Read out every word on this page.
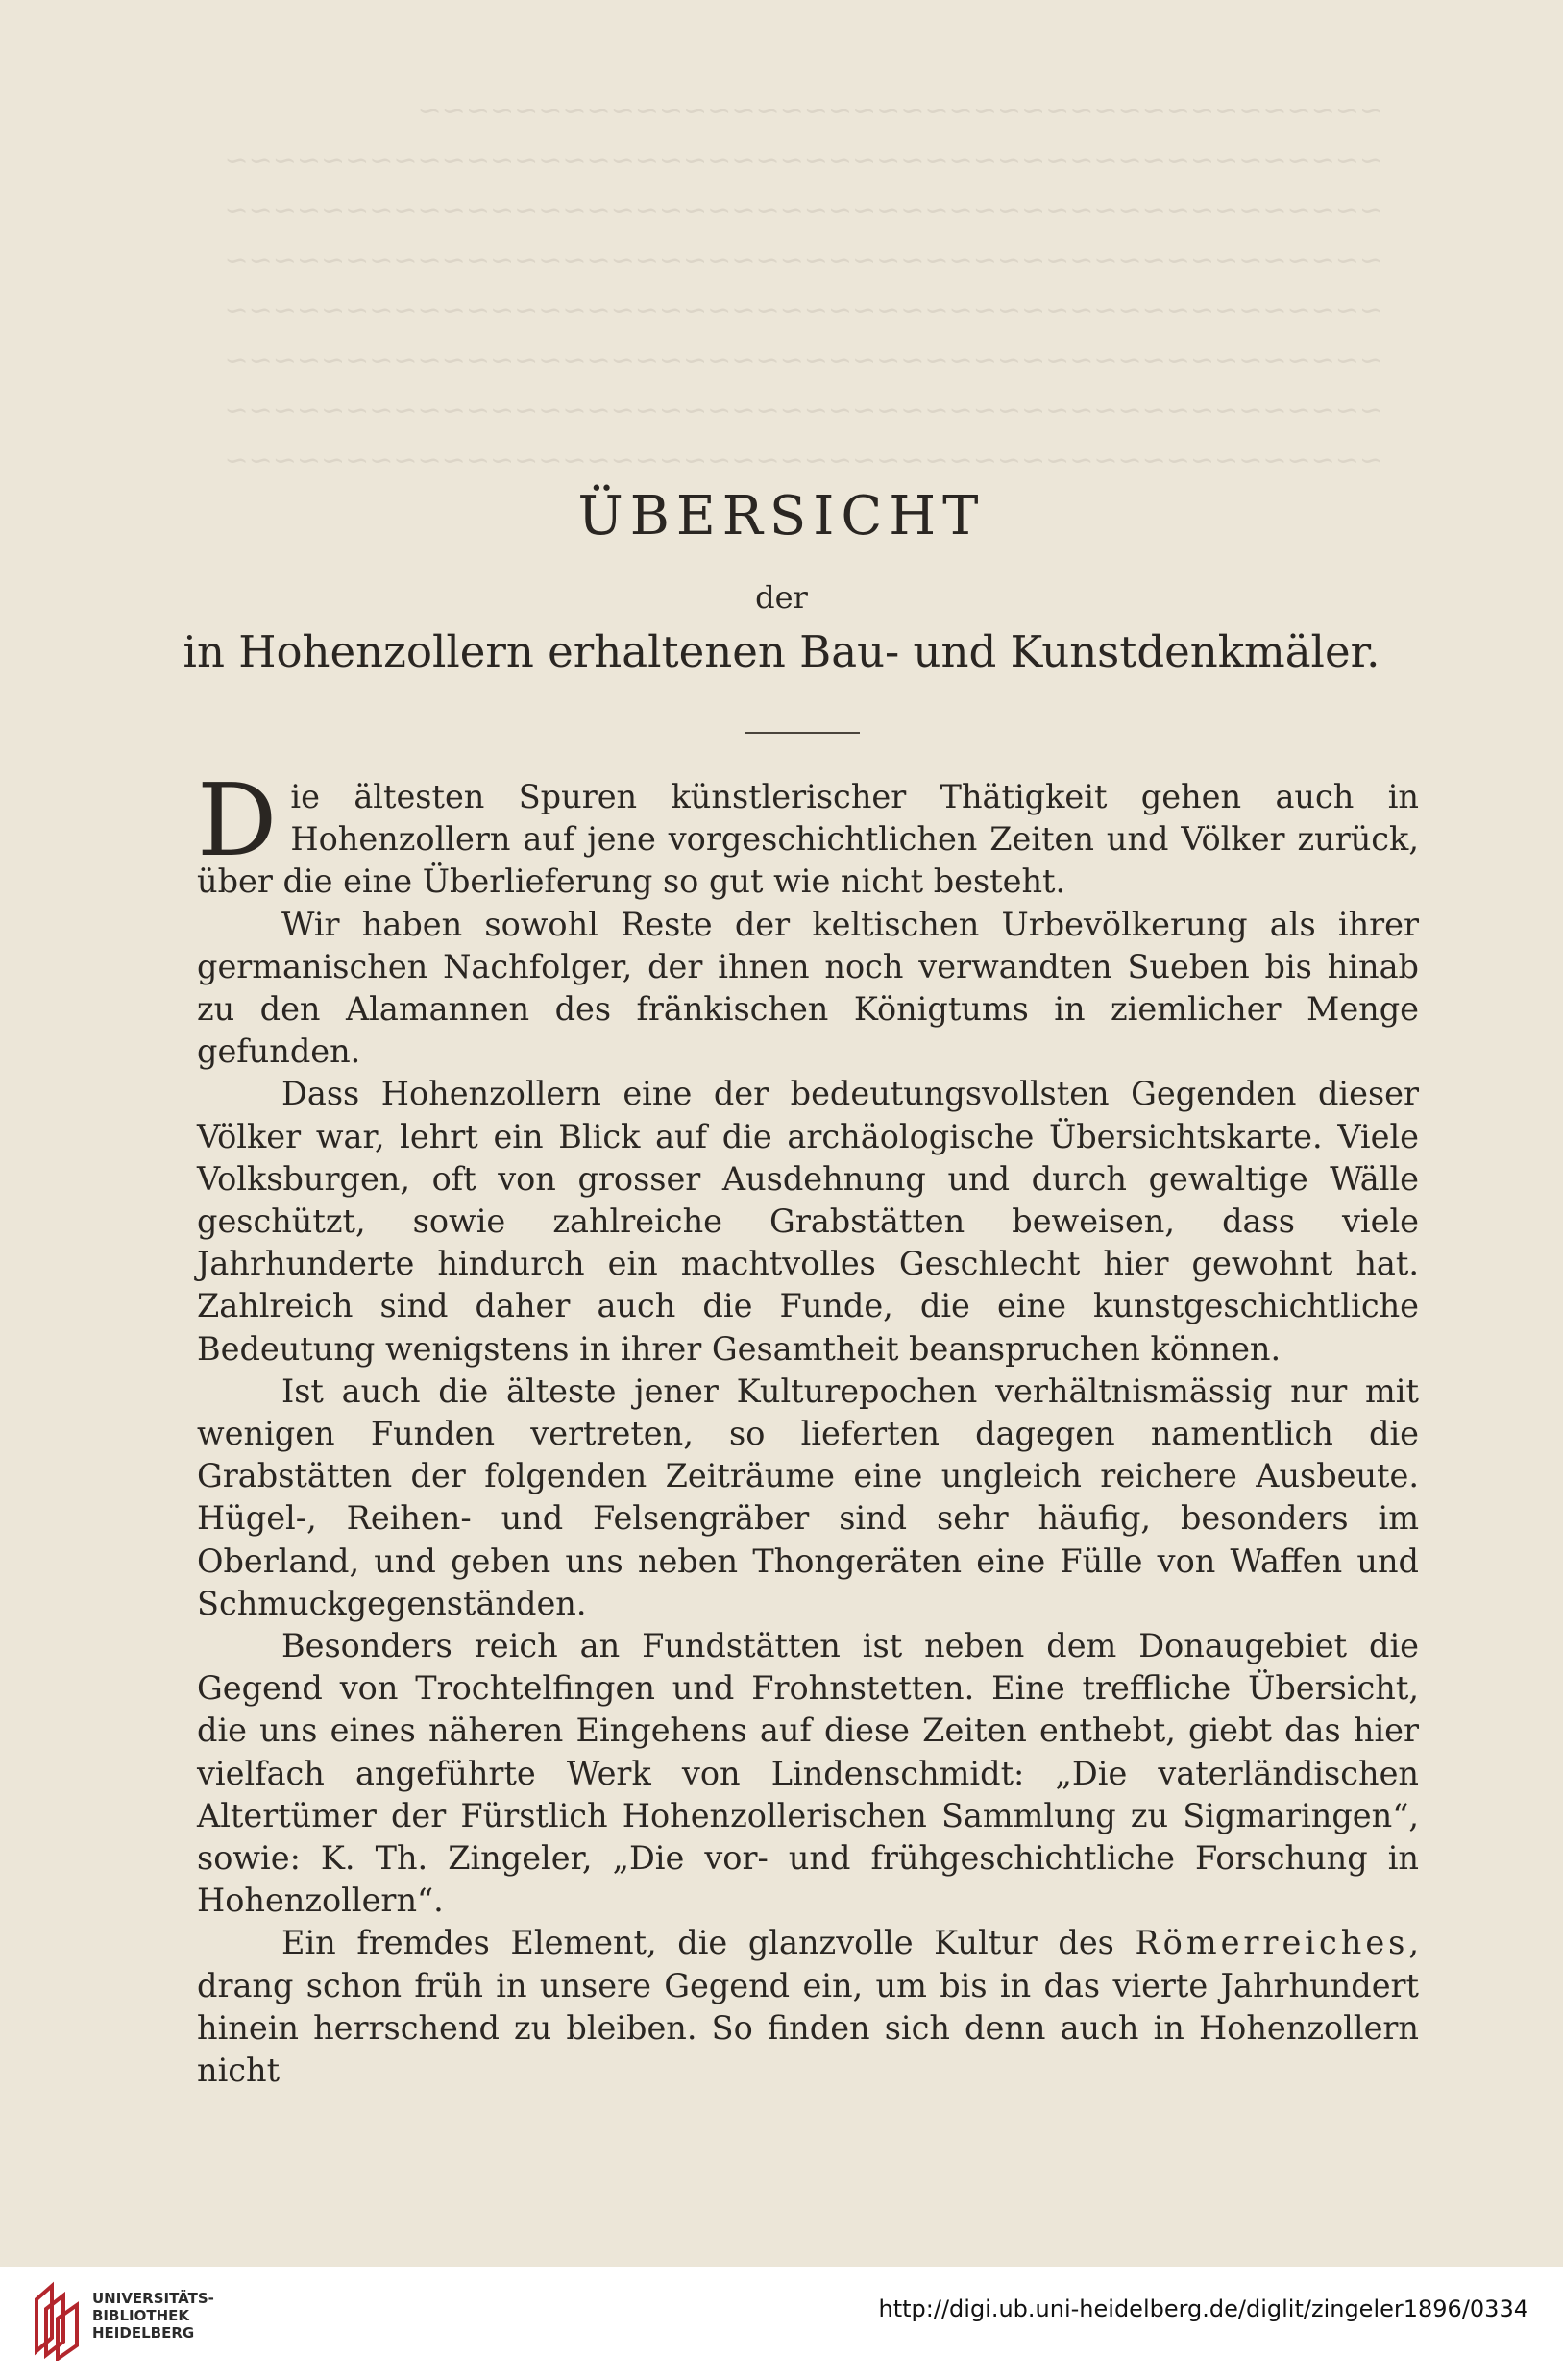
~~~~~~~~~~~~~~~~~~~~~~~~~~~~~~~~~~~~~~~~
~~~~~~~~~~~~~~~~~~~~~~~~~~~~~~~~~~~~~~~~~~~~~~~~
~~~~~~~~~~~~~~~~~~~~~~~~~~~~~~~~~~~~~~~~~~~~~~~~
~~~~~~~~~~~~~~~~~~~~~~~~~~~~~~~~~~~~~~~~~~~~~~~~
~~~~~~~~~~~~~~~~~~~~~~~~~~~~~~~~~~~~~~~~~~~~~~~~
~~~~~~~~~~~~~~~~~~~~~~~~~~~~~~~~~~~~~~~~~~~~~~~~
~~~~~~~~~~~~~~~~~~~~~~~~~~~~~~~~~~~~~~~~~~~~~~~~
~~~~~~~~~~~~~~~~~~~~~~~~~~~~~~~~~~~~~~~~~~~~~~~~
ÜBERSICHT
der
in Hohenzollern erhaltenen Bau- und Kunstdenkmäler.

Die ältesten Spuren künstlerischer Thätigkeit gehen auch in Hohenzollern auf jene vorgeschichtlichen Zeiten und Völker zurück, über die eine Überlieferung so gut wie nicht besteht.

Wir haben sowohl Reste der keltischen Urbevölkerung als ihrer germanischen Nachfolger, der ihnen noch verwandten Sueben bis hinab zu den Alamannen des fränkischen Königtums in ziemlicher Menge gefunden.

Dass Hohenzollern eine der bedeutungsvollsten Gegenden dieser Völker war, lehrt ein Blick auf die archäologische Übersichtskarte. Viele Volksburgen, oft von grosser Ausdehnung und durch gewaltige Wälle geschützt, sowie zahlreiche Grabstätten beweisen, dass viele Jahrhunderte hindurch ein machtvolles Geschlecht hier gewohnt hat. Zahlreich sind daher auch die Funde, die eine kunstgeschichtliche Bedeutung wenigstens in ihrer Gesamtheit beanspruchen können.

Ist auch die älteste jener Kulturepochen verhältnismässig nur mit wenigen Funden vertreten, so lieferten dagegen namentlich die Grabstätten der folgenden Zeiträume eine ungleich reichere Ausbeute. Hügel-, Reihen- und Felsengräber sind sehr häufig, besonders im Oberland, und geben uns neben Thongeräten eine Fülle von Waffen und Schmuckgegenständen.

Besonders reich an Fundstätten ist neben dem Donaugebiet die Gegend von Trochtelfingen und Frohnstetten. Eine treffliche Übersicht, die uns eines näheren Eingehens auf diese Zeiten enthebt, giebt das hier vielfach angeführte Werk von Lindenschmidt: „Die vaterländischen Altertümer der Fürstlich Hohenzollerischen Sammlung zu Sigmaringen“, sowie: K. Th. Zingeler, „Die vor- und frühgeschichtliche Forschung in Hohenzollern“.

Ein fremdes Element, die glanzvolle Kultur des Römerreiches, drang schon früh in unsere Gegend ein, um bis in das vierte Jahrhundert hinein herrschend zu bleiben. So finden sich denn auch in Hohenzollern nicht

UNIVERSITÄTS-
BIBLIOTHEK
HEIDELBERG
http://digi.ub.uni-heidelberg.de/diglit/zingeler1896/0334
